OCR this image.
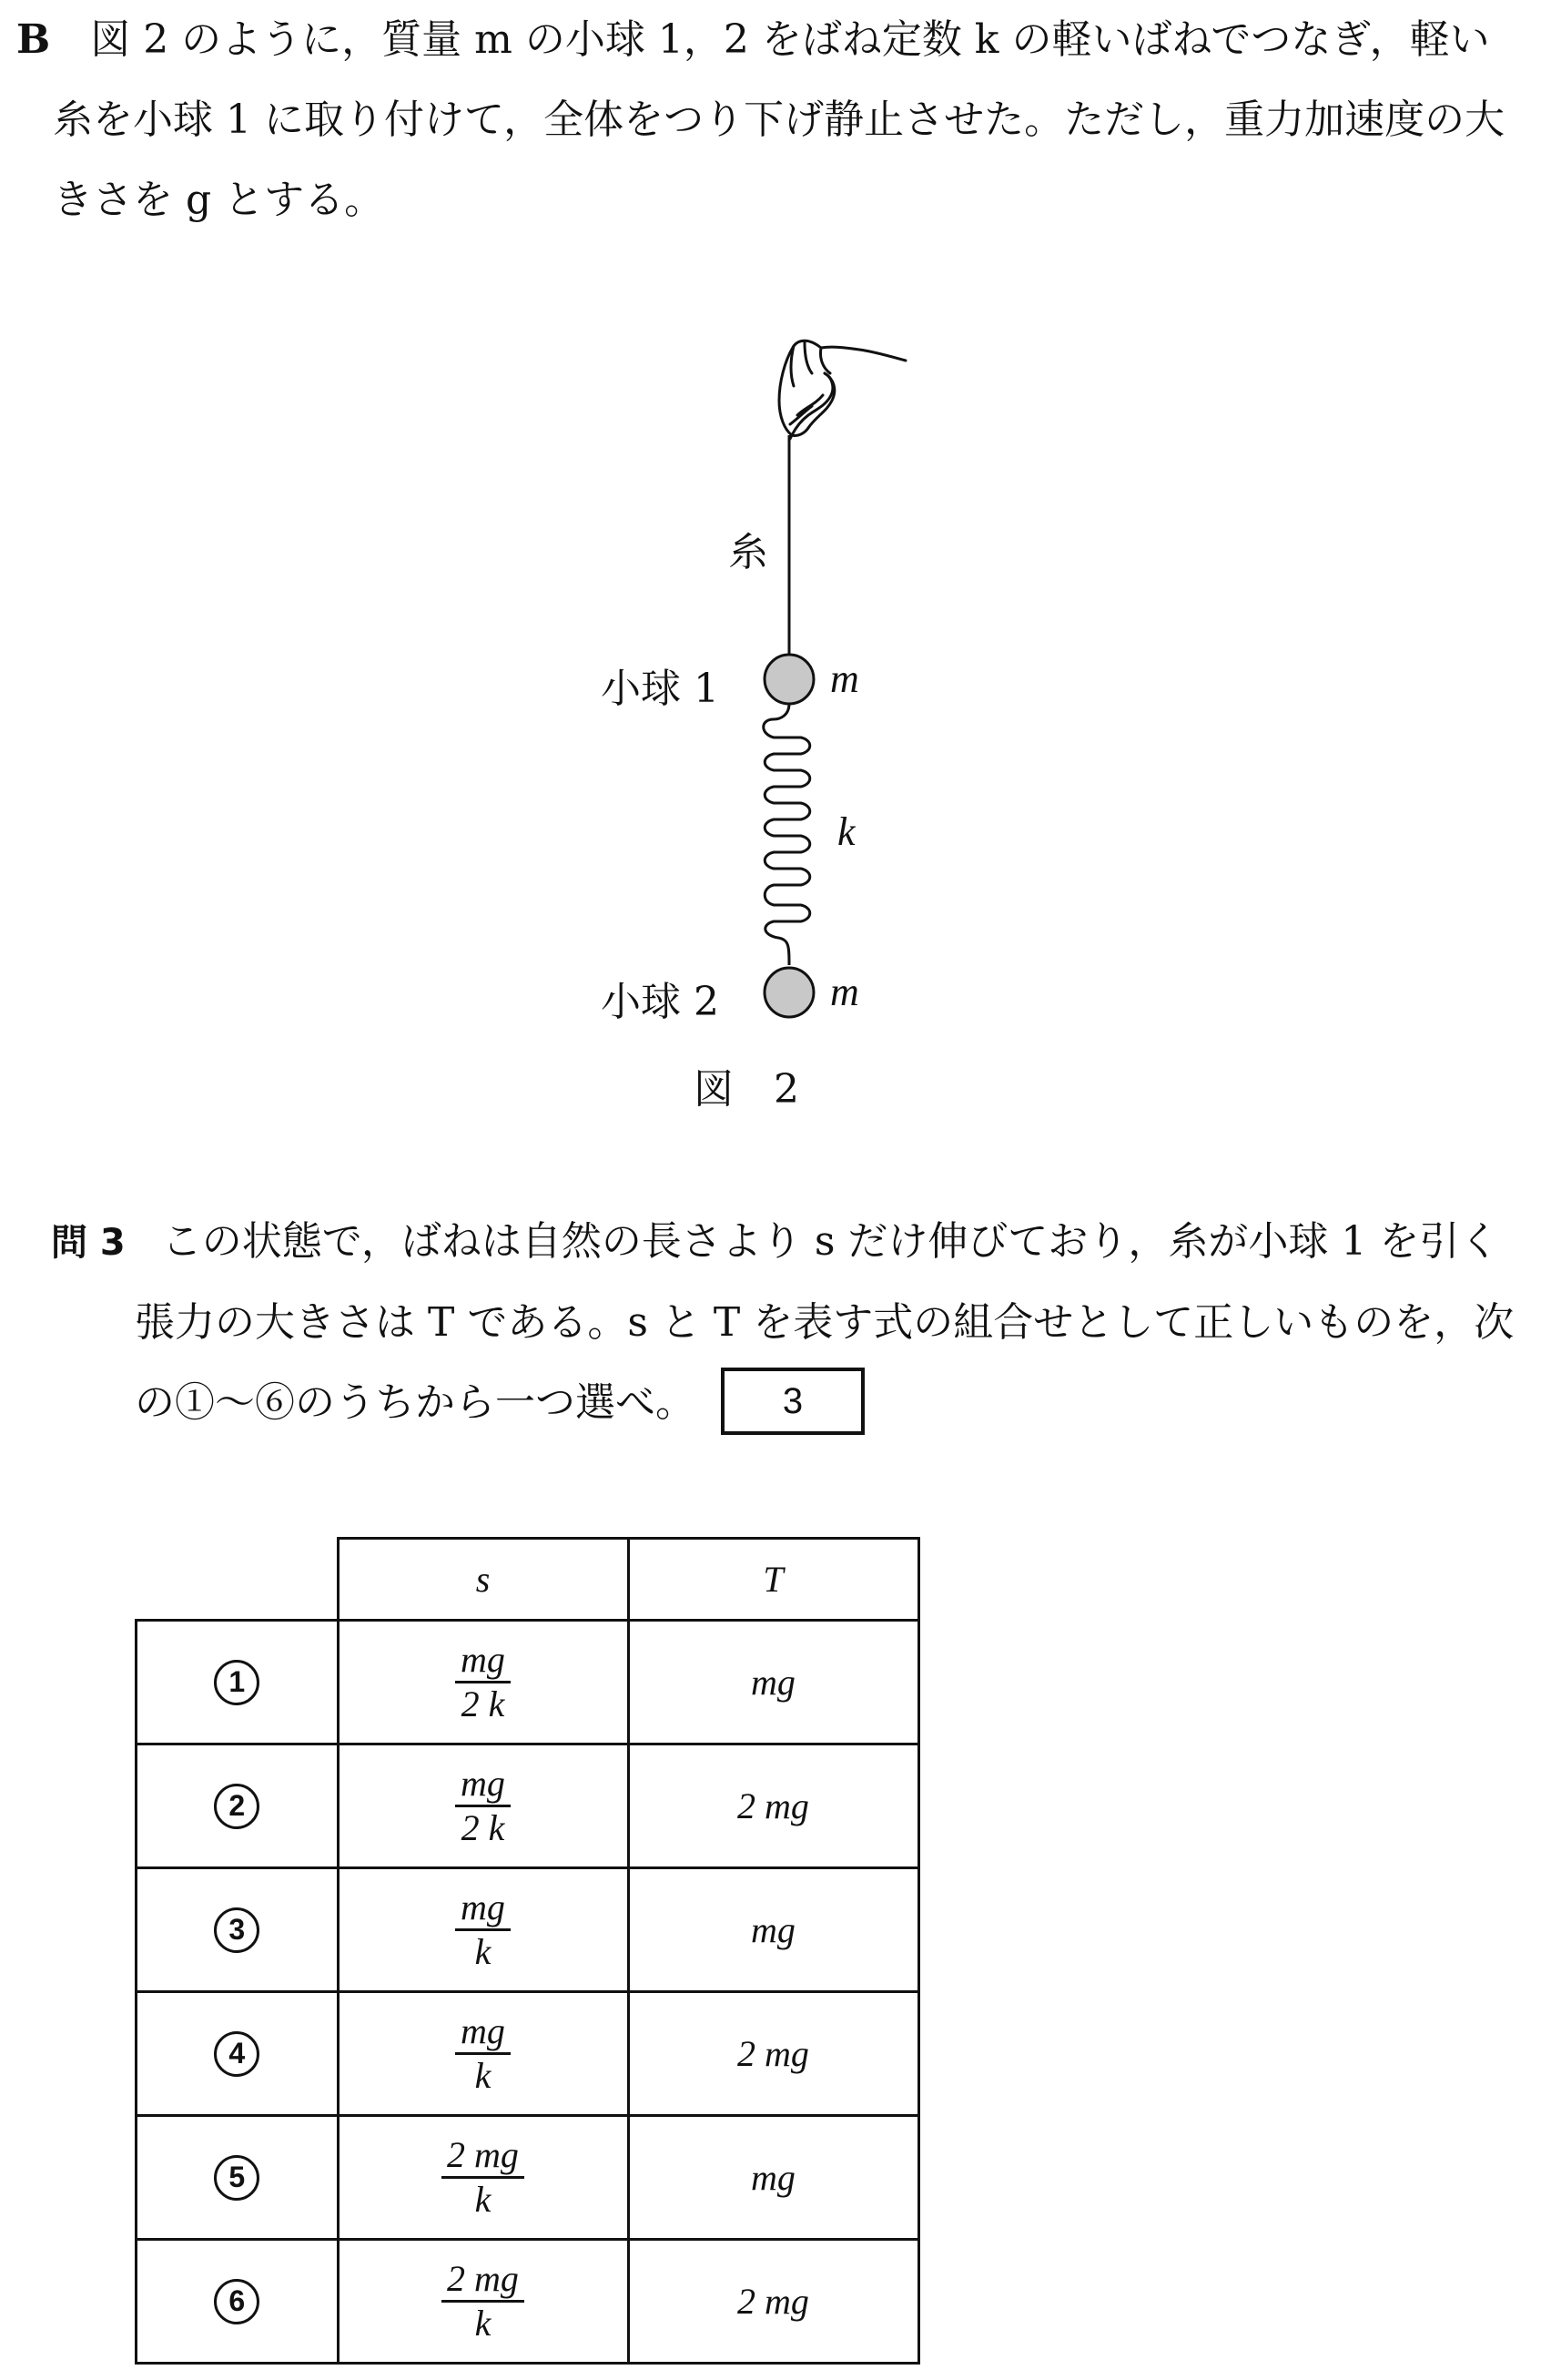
B 図 2 のように，質量 m の小球 1，2 をばね定数 k の軽いばねでつなぎ，軽い
糸を小球 1 に取り付けて，全体をつり下げ静止させた。ただし，重力加速度の大
きさを g とする。
糸
小球 1	m
k
小球 2	m
図　2
問 3 この状態で，ばねは自然の長さより s だけ伸びており，糸が小球 1 を引く
張力の大きさは T である。s と T を表す式の組合せとして正しいものを，次
の①～⑥のうちから一つ選べ。	3
	s	T
1	$\frac{mg}{2 k}$	mg
2	$\frac{mg}{2 k}$	2 mg
3	$\frac{mg}{k}$	mg
4	$\frac{mg}{k}$	2 mg
5	$\frac{2 mg}{k}$	mg
6	$\frac{2 mg}{k}$	2 mg
